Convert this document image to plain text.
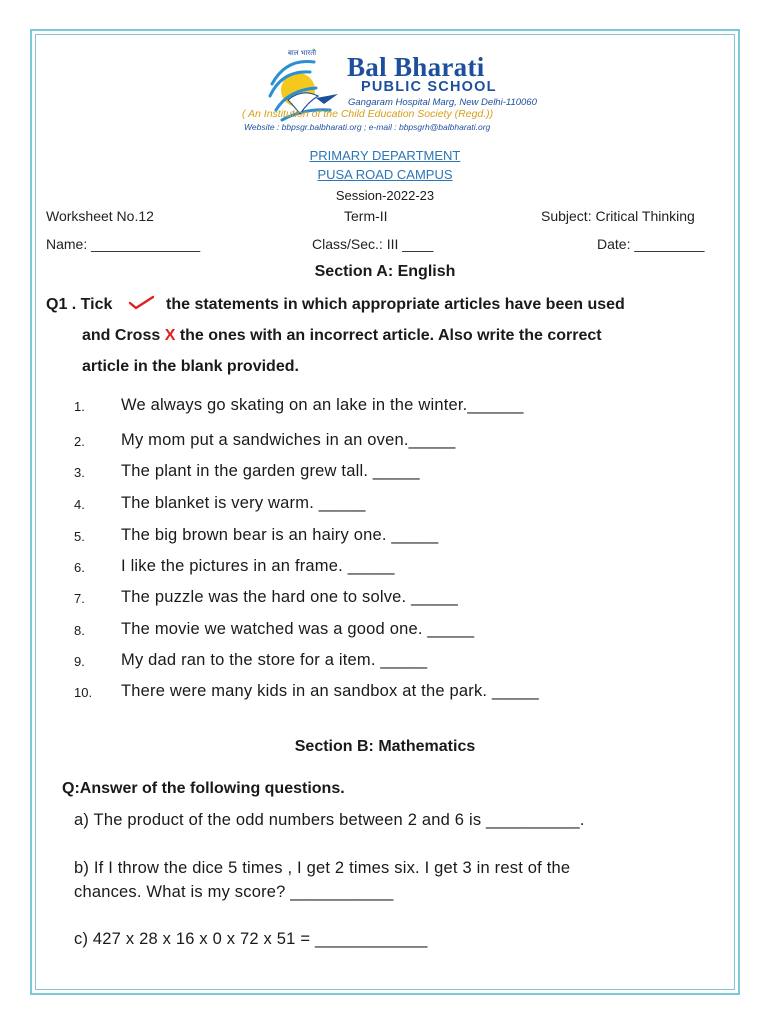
बाल भारती Bal Bharati
PUBLIC SCHOOL
Gangaram Hospital Marg, New Delhi-110060
( An Institution of the Child Education Society (Regd.))
Website : bbpsgr.balbharati.org ; e-mail : bbpsgrh@balbharati.org
PRIMARY DEPARTMENT
PUSA ROAD CAMPUS
Session-2022-23
Worksheet No.12	Term-II	Subject: Critical Thinking
Name: ______________	Class/Sec.: III ____	Date: _________
Section A: English
Q1 . Tick	the statements in which appropriate articles have been used
and Cross X the ones with an incorrect article. Also write the correct
article in the blank provided.
1. We always go skating on an lake in the winter.______
2. My mom put a sandwiches in an oven._____
3. The plant in the garden grew tall. _____
4. The blanket is very warm. _____
5. The big brown bear is an hairy one. _____
6. I like the pictures in an frame. _____
7. The puzzle was the hard one to solve. _____
8. The movie we watched was a good one. _____
9. My dad ran to the store for a item. _____
10. There were many kids in an sandbox at the park. _____
Section B: Mathematics
Q:Answer of the following questions.
a) The product of the odd numbers between 2 and 6 is __________.
b) If I throw the dice 5 times , I get 2 times six. I get 3 in rest of the
chances. What is my score? ___________
c) 427 x 28 x 16 x 0 x 72 x 51 = ____________
